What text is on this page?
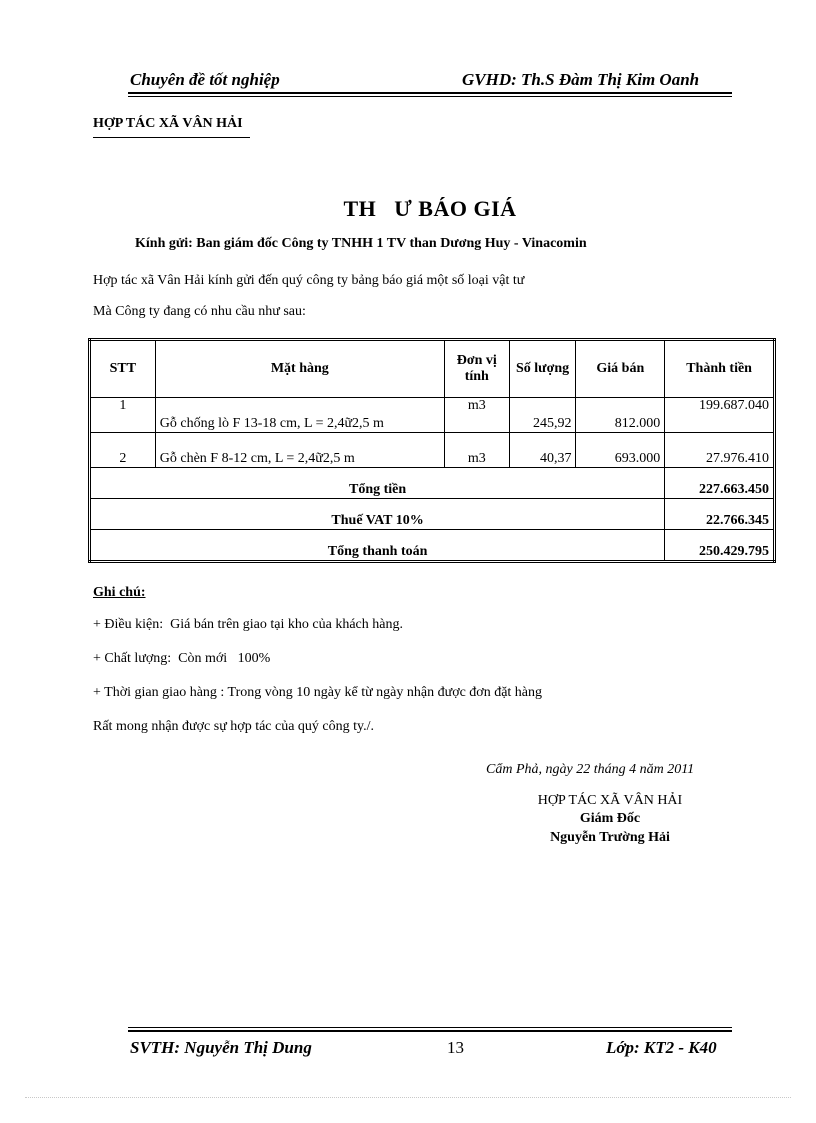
Chuyên đề tốt nghiệp	GVHD: Th.S Đàm Thị Kim Oanh
HỢP TÁC XÃ VÂN HẢI
TH   Ư BÁO GIÁ
Kính gửi: Ban giám đốc Công ty TNHH 1 TV than Dương Huy - Vinacomin
Hợp tác xã Vân Hải kính gửi đến quý công ty bảng báo giá một số loại vật tư
Mà Công ty đang có nhu cầu như sau:
STT	Mặt hàng	Đơn vị tính	Số lượng	Giá bán	Thành tiền
1	Gỗ chống lò F 13-18 cm, L = 2,4ữ2,5 m	m3	245,92	812.000	199.687.040
2	Gỗ chèn F 8-12 cm, L = 2,4ữ2,5 m	m3	40,37	693.000	27.976.410
Tổng tiền					227.663.450
Thuế VAT 10%					22.766.345
Tổng thanh toán					250.429.795
Ghi chú:
+ Điều kiện:  Giá bán trên giao tại kho của khách hàng.
+ Chất lượng:  Còn mới   100%
+ Thời gian giao hàng : Trong vòng 10 ngày kể từ ngày nhận được đơn đặt hàng
Rất mong nhận được sự hợp tác của quý công ty./.
Cẩm Phả, ngày 22 tháng 4 năm 2011
HỢP TÁC XÃ VÂN HẢI
Giám Đốc
Nguyễn Trường Hải
SVTH: Nguyễn Thị Dung	13	Lớp: KT2 - K40
